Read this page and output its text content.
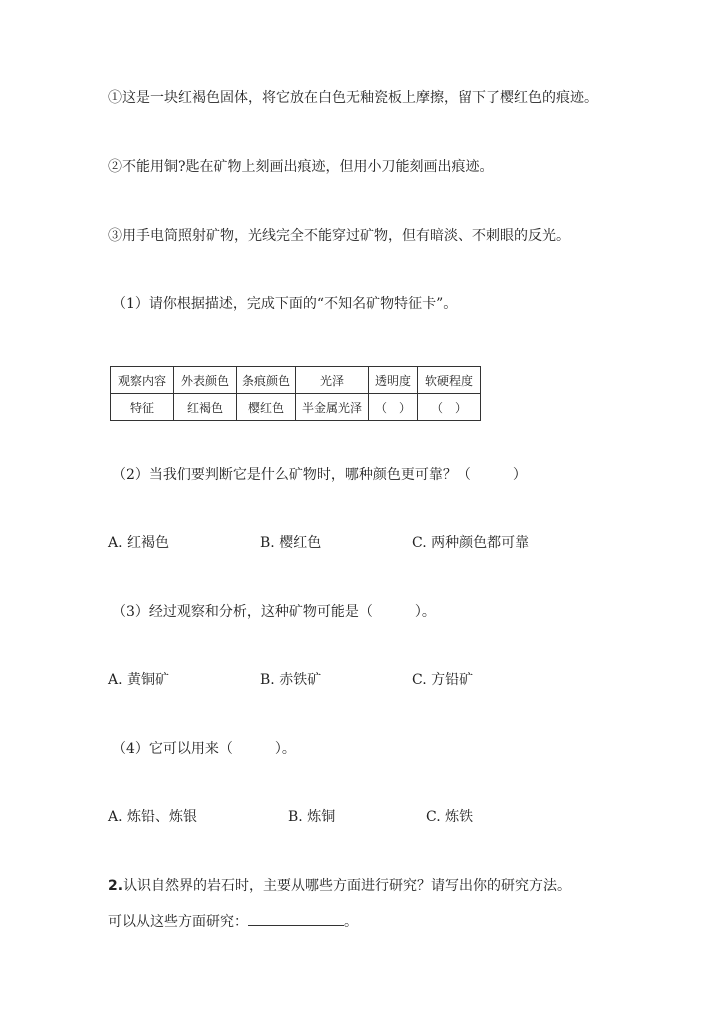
①这是一块红褐色固体，将它放在白色无釉瓷板上摩擦，留下了樱红色的痕迹。
②不能用铜?匙在矿物上刻画出痕迹，但用小刀能刻画出痕迹。
③用手电筒照射矿物，光线完全不能穿过矿物，但有暗淡、不刺眼的反光。
（1）请你根据描述，完成下面的“不知名矿物特征卡”。
观察内容	外表颜色	条痕颜色	光泽	透明度	软硬程度
特征	红褐色	樱红色	半金属光泽	（　）	（　）
（2）当我们要判断它是什么矿物时，哪种颜色更可靠？（　　　）
A. 红褐色	B. 樱红色	C. 两种颜色都可靠
（3）经过观察和分析，这种矿物可能是（　　　）。
A. 黄铜矿	B. 赤铁矿	C. 方铅矿
（4）它可以用来（　　　）。
A. 炼铅、炼银	B. 炼铜	C. 炼铁
2.认识自然界的岩石时，主要从哪些方面进行研究？请写出你的研究方法。
可以从这些方面研究：	。
